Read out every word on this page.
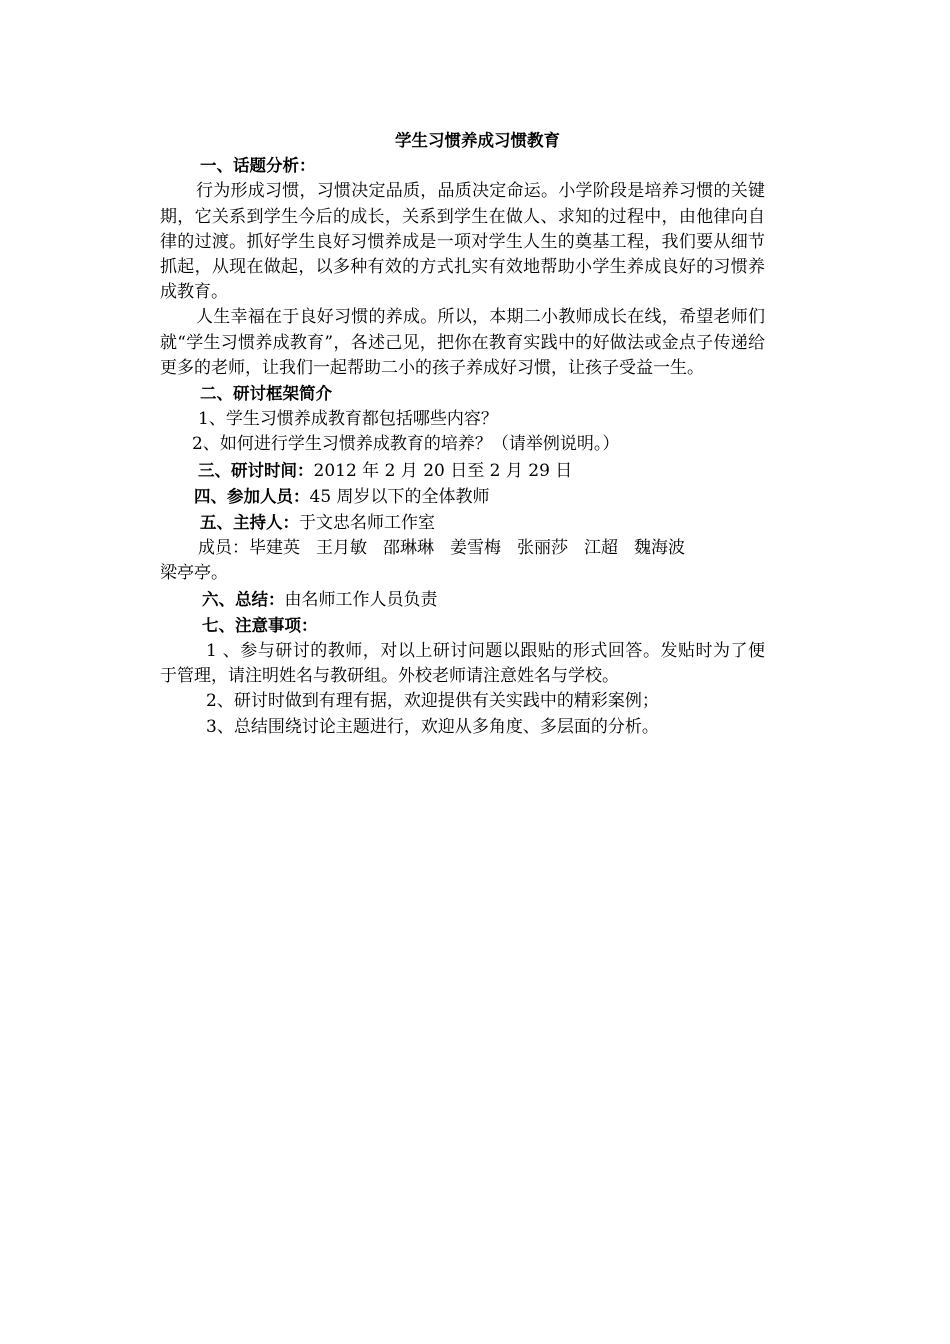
学生习惯养成习惯教育

一、话题分析：

行为形成习惯，习惯决定品质，品质决定命运。小学阶段是培养习惯的关键期，它关系到学生今后的成长，关系到学生在做人、求知的过程中，由他律向自律的过渡。抓好学生良好习惯养成是一项对学生人生的奠基工程，我们要从细节抓起，从现在做起，以多种有效的方式扎实有效地帮助小学生养成良好的习惯养成教育。

人生幸福在于良好习惯的养成。所以，本期二小教师成长在线，希望老师们就“学生习惯养成教育”，各述己见，把你在教育实践中的好做法或金点子传递给更多的老师，让我们一起帮助二小的孩子养成好习惯，让孩子受益一生。

二、研讨框架简介

1、学生习惯养成教育都包括哪些内容？

2、如何进行学生习惯养成教育的培养？（请举例说明。）

三、研讨时间：2012 年 2 月 20 日至 2 月 29 日

四、参加人员：45 周岁以下的全体教师

五、主持人：于文忠名师工作室

成员：毕建英 王月敏 邵琳琳 姜雪梅 张丽莎 江超 魏海波

梁亭亭。

六、总结：由名师工作人员负责

七、注意事项：

1 、参与研讨的教师，对以上研讨问题以跟贴的形式回答。发贴时为了便于管理，请注明姓名与教研组。外校老师请注意姓名与学校。

2、研讨时做到有理有据，欢迎提供有关实践中的精彩案例；

3、总结围绕讨论主题进行，欢迎从多角度、多层面的分析。
